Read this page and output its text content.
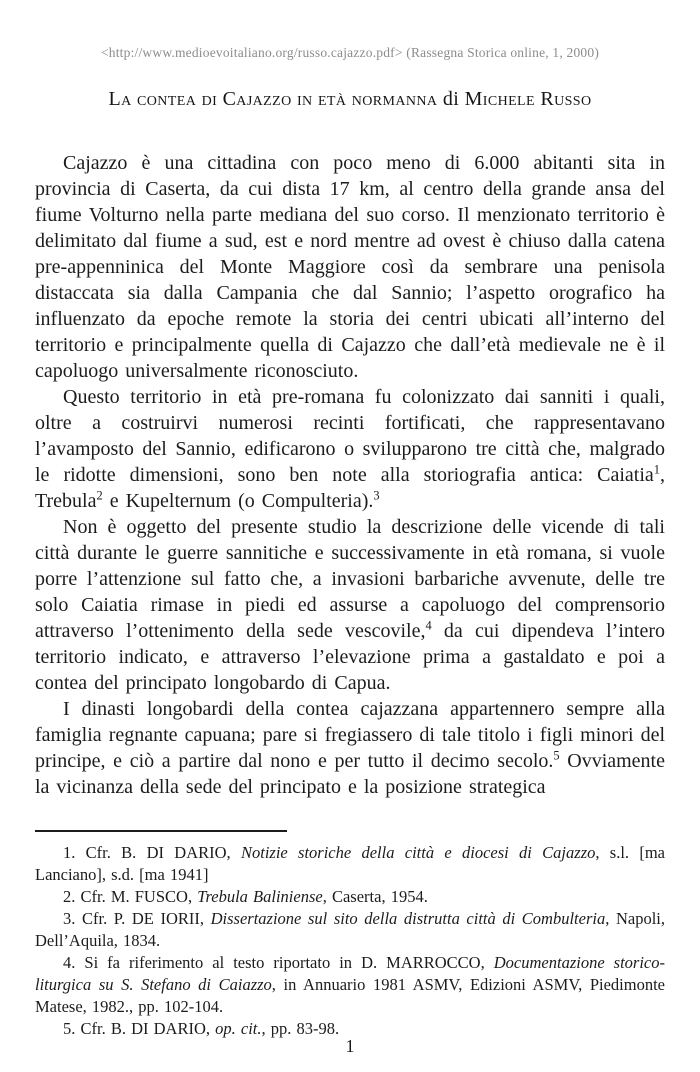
<http://www.medioevoitaliano.org/russo.cajazzo.pdf> (Rassegna Storica online, 1, 2000)
La contea di Cajazzo in età normanna di Michele Russo

Cajazzo è una cittadina con poco meno di 6.000 abitanti sita in provincia di Caserta, da cui dista 17 km, al centro della grande ansa del fiume Volturno nella parte mediana del suo corso. Il menzionato territorio è delimitato dal fiume a sud, est e nord mentre ad ovest è chiuso dalla catena pre-appenninica del Monte Maggiore così da sembrare una penisola distaccata sia dalla Campania che dal Sannio; l’aspetto orografico ha influenzato da epoche remote la storia dei centri ubicati all’interno del territorio e principalmente quella di Cajazzo che dall’età medievale ne è il capoluogo universalmente riconosciuto.

Questo territorio in età pre-romana fu colonizzato dai sanniti i quali, oltre a costruirvi numerosi recinti fortificati, che rappresentavano l’avamposto del Sannio, edificarono o svilupparono tre città che, malgrado le ridotte dimensioni, sono ben note alla storiografia antica: Caiatia$^1$, Trebula$^2$ e Kupelternum (o Compulteria).$^3$

Non è oggetto del presente studio la descrizione delle vicende di tali città durante le guerre sannitiche e successivamente in età romana, si vuole porre l’attenzione sul fatto che, a invasioni barbariche avvenute, delle tre solo Caiatia rimase in piedi ed assurse a capoluogo del comprensorio attraverso l’ottenimento della sede vescovile,$^4$ da cui dipendeva l’intero territorio indicato, e attraverso l’elevazione prima a gastaldato e poi a contea del principato longobardo di Capua.

I dinasti longobardi della contea cajazzana appartennero sempre alla famiglia regnante capuana; pare si fregiassero di tale titolo i figli minori del principe, e ciò a partire dal nono e per tutto il decimo secolo.$^5$ Ovviamente la vicinanza della sede del principato e la posizione strategica

1. Cfr. B. DI DARIO, Notizie storiche della città e diocesi di Cajazzo, s.l. [ma Lanciano], s.d. [ma 1941]

2. Cfr. M. FUSCO, Trebula Baliniense, Caserta, 1954.

3. Cfr. P. DE IORII, Dissertazione sul sito della distrutta città di Combulteria, Napoli, Dell’Aquila, 1834.

4. Si fa riferimento al testo riportato in D. MARROCCO, Documentazione storico-liturgica su S. Stefano di Caiazzo, in Annuario 1981 ASMV, Edizioni ASMV, Piedimonte Matese, 1982., pp. 102-104.

5. Cfr. B. DI DARIO, op. cit., pp. 83-98.

1
